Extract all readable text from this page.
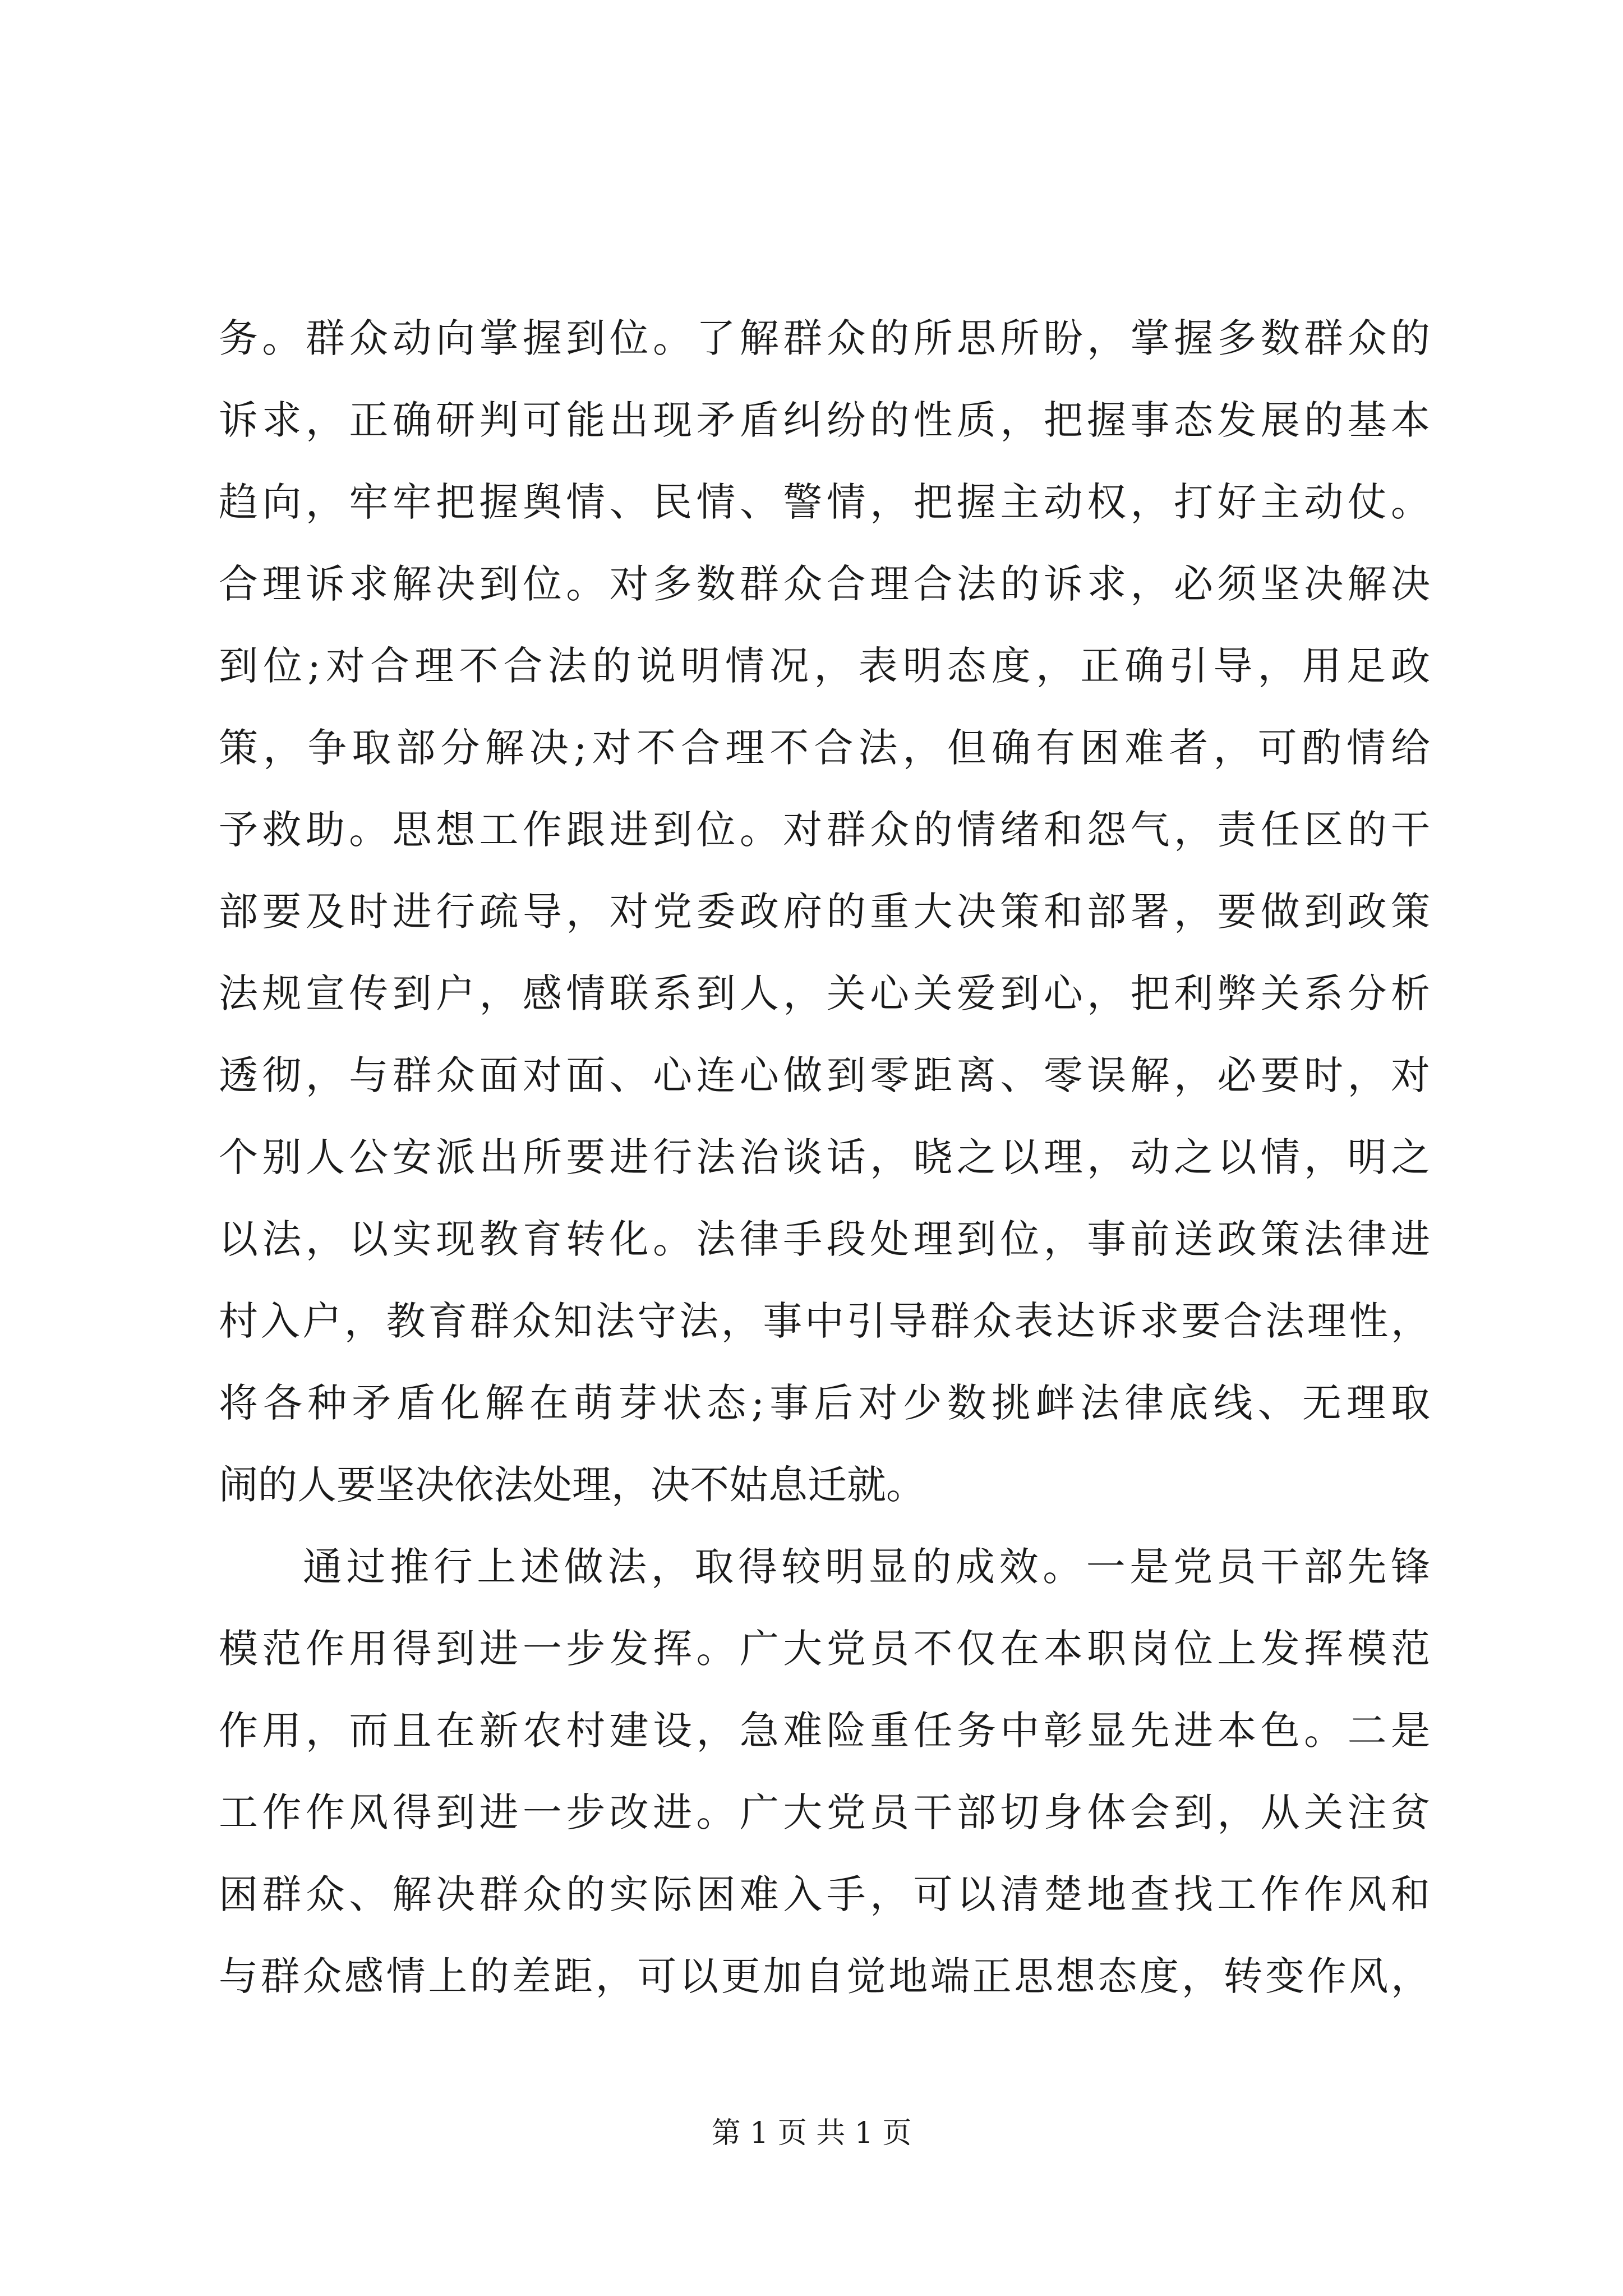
务。群众动向掌握到位。了解群众的所思所盼，掌握多数群众的
诉求，正确研判可能出现矛盾纠纷的性质，把握事态发展的基本
趋向，牢牢把握舆情、民情、警情，把握主动权，打好主动仗。
合理诉求解决到位。对多数群众合理合法的诉求，必须坚决解决
到位;对合理不合法的说明情况，表明态度，正确引导，用足政
策，争取部分解决;对不合理不合法，但确有困难者，可酌情给
予救助。思想工作跟进到位。对群众的情绪和怨气，责任区的干
部要及时进行疏导，对党委政府的重大决策和部署，要做到政策
法规宣传到户，感情联系到人，关心关爱到心，把利弊关系分析
透彻，与群众面对面、心连心做到零距离、零误解，必要时，对
个别人公安派出所要进行法治谈话，晓之以理，动之以情，明之
以法，以实现教育转化。法律手段处理到位，事前送政策法律进
村入户，教育群众知法守法，事中引导群众表达诉求要合法理性，
将各种矛盾化解在萌芽状态;事后对少数挑衅法律底线、无理取
闹的人要坚决依法处理，决不姑息迁就。
通过推行上述做法，取得较明显的成效。一是党员干部先锋
模范作用得到进一步发挥。广大党员不仅在本职岗位上发挥模范
作用，而且在新农村建设，急难险重任务中彰显先进本色。二是
工作作风得到进一步改进。广大党员干部切身体会到，从关注贫
困群众、解决群众的实际困难入手，可以清楚地查找工作作风和
与群众感情上的差距，可以更加自觉地端正思想态度，转变作风，
第 1 页 共 1 页
